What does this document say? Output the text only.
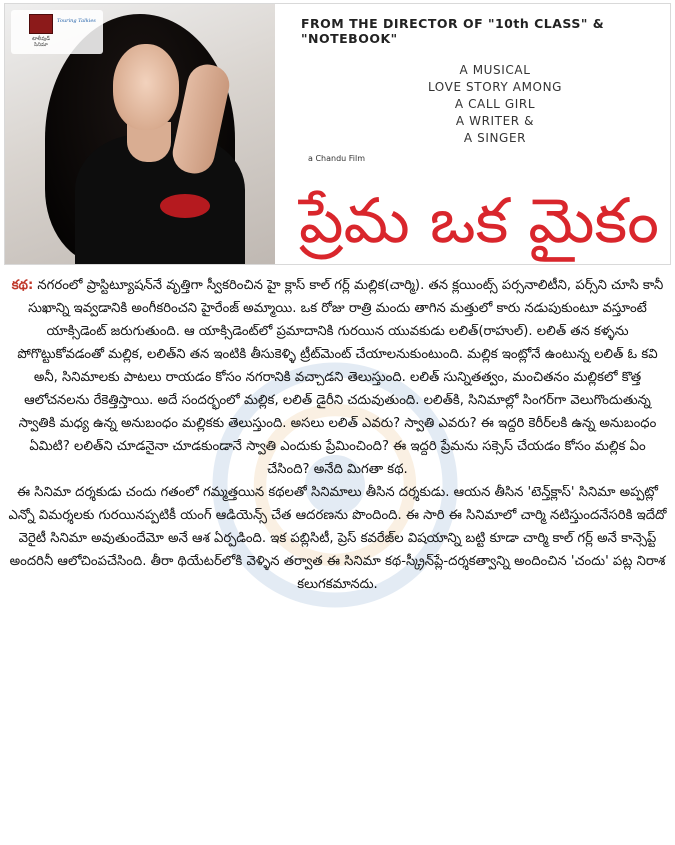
Touring Talkies
టాలీవుడ్ సినిమా
FROM THE DIRECTOR OF "10th CLASS" & "NOTEBOOK"
A MUSICAL
LOVE STORY AMONG
A CALL GIRL
A WRITER &
A SINGER
a Chandu Film
ప్రేమ ఒక మైకం

కథ: నగరంలో ప్రాస్టిట్యూషన్‌నే వృత్తిగా స్వీకరించిన హై క్లాస్ కాల్ గర్ల్ మల్లిక(చార్మి). తన క్లయింట్స్ పర్సనాలిటీని, పర్స్‌ని చూసి కానీ సుఖాన్ని ఇవ్వడానికి అంగీకరించని హైరేంజ్ అమ్మాయి. ఒక రోజు రాత్రి మందు తాగిన మత్తులో కారు నడుపుకుంటూ వస్తూంటే యాక్సిడెంట్ జరుగుతుంది. ఆ యాక్సిడెంట్‌లో ప్రమాదానికి గురయిన యువకుడు లలిత్(రాహుల్). లలిత్ తన కళ్ళను పోగొట్టుకోవడంతో మల్లిక, లలిత్‌ని తన ఇంటికి తీసుకెళ్ళి ట్రీట్‌మెంట్ చేయాలనుకుంటుంది. మల్లిక ఇంట్లోనే ఉంటున్న లలిత్ ఓ కవి అనీ, సినిమాలకు పాటలు రాయడం కోసం నగరానికి వచ్చాడని తెలుస్తుంది. లలిత్ సున్నితత్వం, మంచితనం మల్లికలో కొత్త ఆలోచనలను రేకెత్తిస్తాయి. అదే సందర్భంలో మల్లిక, లలిత్ డైరీని చదువుతుంది. లలిత్‌కి, సినిమాల్లో సింగర్‌గా వెలుగొందుతున్న స్వాతికి మధ్య ఉన్న అనుబంధం మల్లికకు తెలుస్తుంది. అసలు లలిత్ ఎవరు? స్వాతి ఎవరు? ఈ ఇద్దరి కెరీర్‌లకి ఉన్న అనుబంధం ఏమిటి? లలిత్‌ని చూడనైనా చూడకుండానే స్వాతి ఎందుకు ప్రేమించింది? ఈ ఇద్దరి ప్రేమను సక్సెస్ చేయడం కోసం మల్లిక ఏం చేసింది? అనేది మిగతా కథ.

ఈ సినిమా దర్శకుడు చందు గతంలో గమ్మత్తయిన కథలతో సినిమాలు తీసిన దర్శకుడు. ఆయన తీసిన 'టెన్త్‌క్లాస్' సినిమా అప్పట్లో ఎన్నో విమర్శలకు గురయినప్పటికీ యంగ్ ఆడియెన్స్ చేత ఆదరణను పొందింది. ఈ సారి ఈ సినిమాలో చార్మి నటిస్తుందనేసరికి ఇదేదో వెరైటీ సినిమా అవుతుందేమో అనే ఆశ ఏర్పడింది. ఇక పబ్లిసిటీ, ప్రెస్ కవరేజ్‌ల విషయాన్ని బట్టి కూడా చార్మి కాల్ గర్ల్ అనే కాన్సెప్ట్ అందరినీ ఆలోచింపచేసింది. తీరా థియేటర్‌లోకి వెళ్ళిన తర్వాత ఈ సినిమా కథ-స్క్రీన్‌ప్లే-దర్శకత్వాన్ని అందించిన 'చందు' పట్ల నిరాశ కలుగకమానదు.
